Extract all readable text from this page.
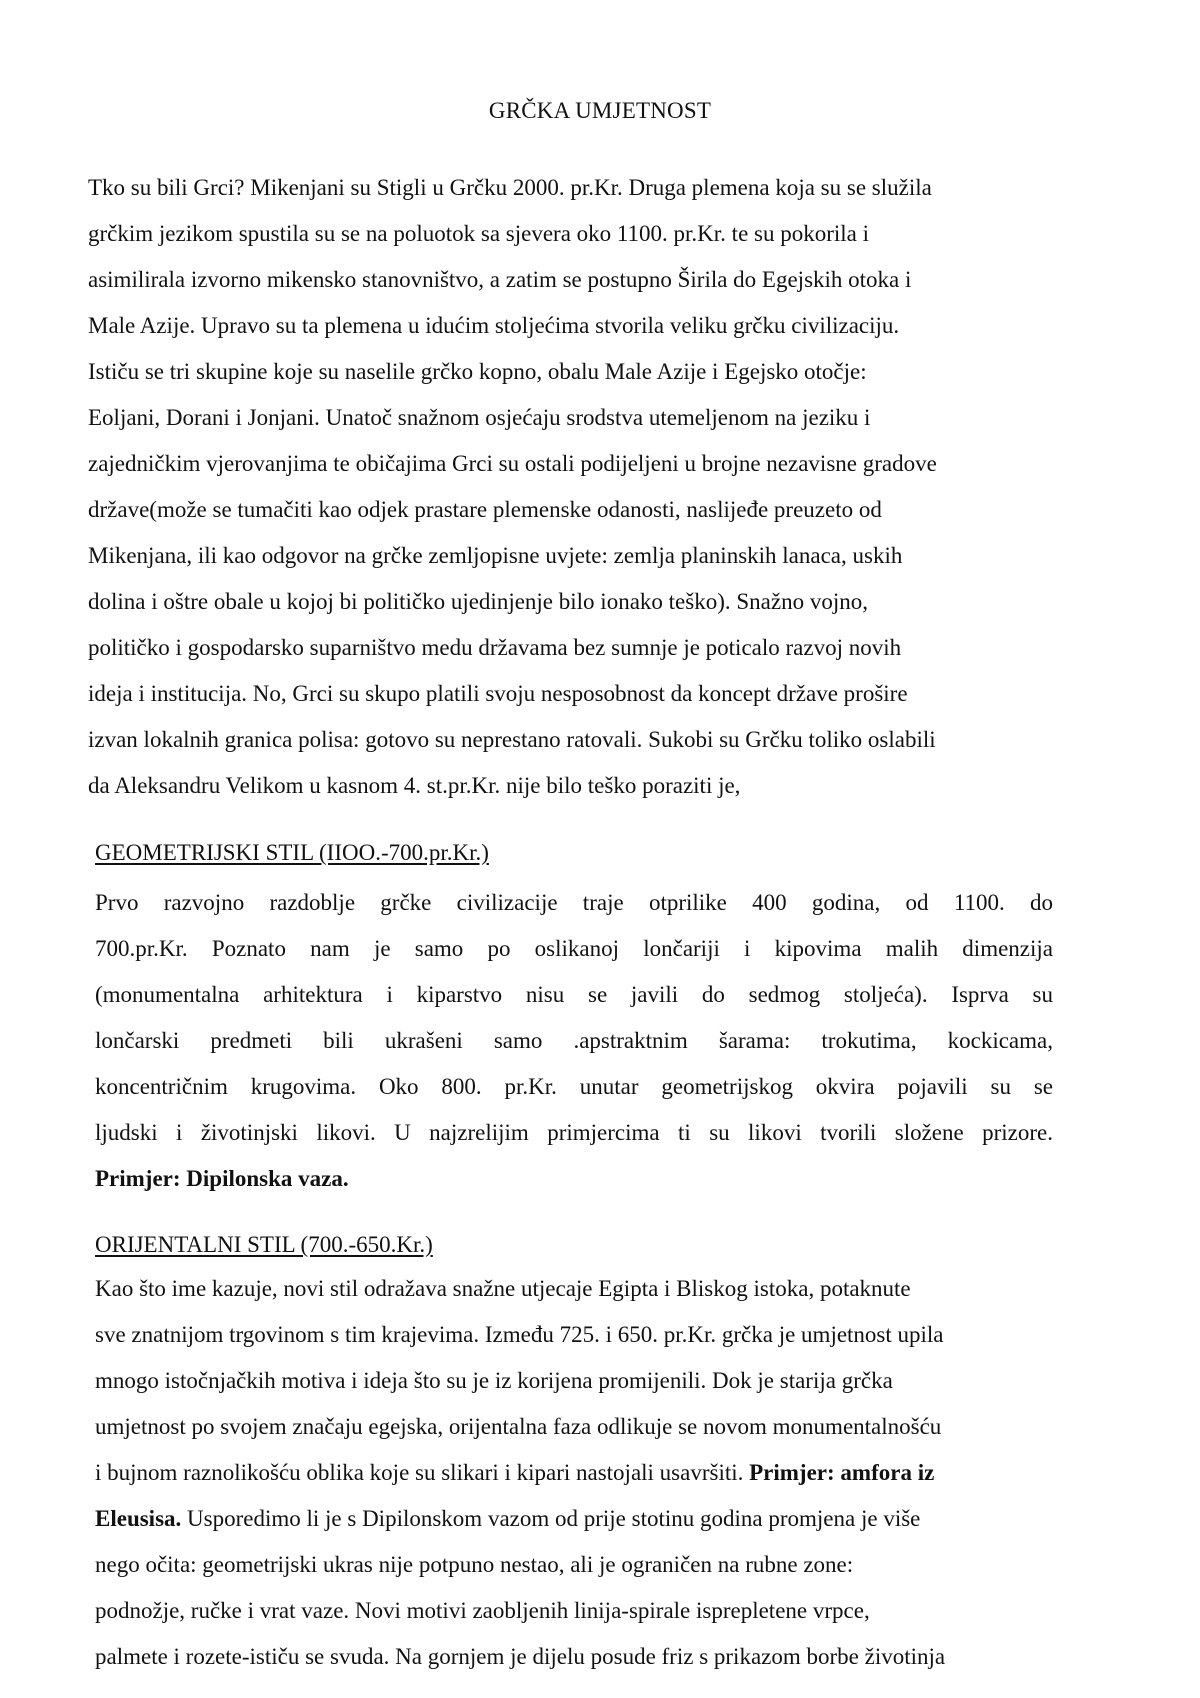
GRČKA UMJETNOST
Tko su bili Grci? Mikenjani su Stigli u Grčku 2000. pr.Kr. Druga plemena koja su se služila
grčkim jezikom spustila su se na poluotok sa sjevera oko 1100. pr.Kr. te su pokorila i
asimilirala izvorno mikensko stanovništvo, a zatim se postupno Širila do Egejskih otoka i
Male Azije. Upravo su ta plemena u idućim stoljećima stvorila veliku grčku civilizaciju.
Ističu se tri skupine koje su naselile grčko kopno, obalu Male Azije i Egejsko otočje:
Eoljani, Dorani i Jonjani. Unatoč snažnom osjećaju srodstva utemeljenom na jeziku i
zajedničkim vjerovanjima te običajima Grci su ostali podijeljeni u brojne nezavisne gradove
države(može se tumačiti kao odjek prastare plemenske odanosti, naslijeđe preuzeto od
Mikenjana, ili kao odgovor na grčke zemljopisne uvjete: zemlja planinskih lanaca, uskih
dolina i oštre obale u kojoj bi političko ujedinjenje bilo ionako teško). Snažno vojno,
političko i gospodarsko suparništvo medu državama bez sumnje je poticalo razvoj novih
ideja i institucija. No, Grci su skupo platili svoju nesposobnost da koncept države prošire
izvan lokalnih granica polisa: gotovo su neprestano ratovali. Sukobi su Grčku toliko oslabili
da Aleksandru Velikom u kasnom 4. st.pr.Kr. nije bilo teško poraziti je,
GEOMETRIJSKI STIL (IIOO.-700.pr.Kr.)
Prvo razvojno razdoblje grčke civilizacije traje otprilike 400 godina, od 1100. do
700.pr.Kr. Poznato nam je samo po oslikanoj lončariji i kipovima malih dimenzija
(monumentalna arhitektura i kiparstvo nisu se javili do sedmog stoljeća). Isprva su
lončarski predmeti bili ukrašeni samo .apstraktnim šarama: trokutima, kockicama,
koncentričnim krugovima. Oko 800. pr.Kr. unutar geometrijskog okvira pojavili su se
ljudski i životinjski likovi. U najzrelijim primjercima ti su likovi tvorili složene prizore.
Primjer: Dipilonska vaza.
ORIJENTALNI STIL (700.-650.Kr.)
Kao što ime kazuje, novi stil odražava snažne utjecaje Egipta i Bliskog istoka, potaknute
sve znatnijom trgovinom s tim krajevima. Između 725. i 650. pr.Kr. grčka je umjetnost upila
mnogo istočnjačkih motiva i ideja što su je iz korijena promijenili. Dok je starija grčka
umjetnost po svojem značaju egejska, orijentalna faza odlikuje se novom monumentalnošću
i bujnom raznolikošću oblika koje su slikari i kipari nastojali usavršiti. Primjer: amfora iz
Eleusisa. Usporedimo li je s Dipilonskom vazom od prije stotinu godina promjena je više
nego očita: geometrijski ukras nije potpuno nestao, ali je ograničen na rubne zone:
podnožje, ručke i vrat vaze. Novi motivi zaobljenih linija-spirale isprepletene vrpce,
palmete i rozete-ističu se svuda. Na gornjem je dijelu posude friz s prikazom borbe životinja
